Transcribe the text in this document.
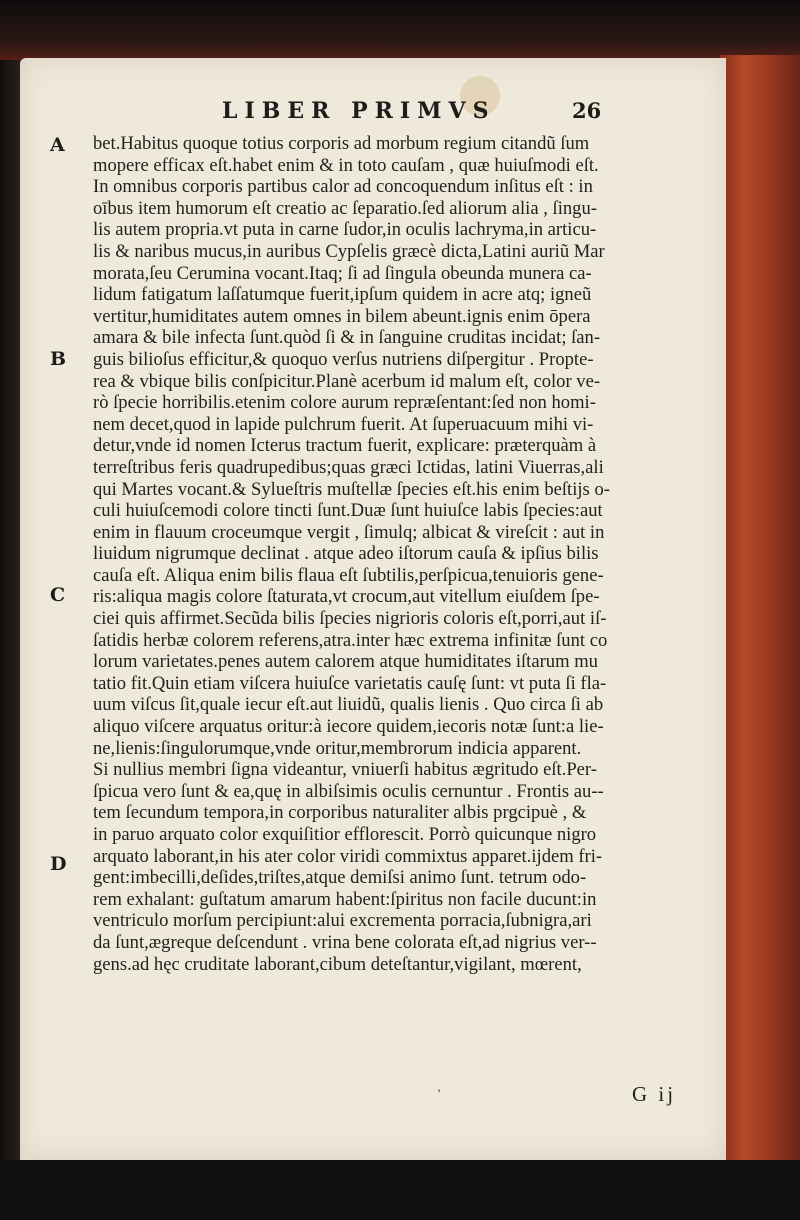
LIBER PRIMVS	26
A
B
C
D
bet.Habitus quoque totius corporis ad morbum regium citandũ ſum
mopere efficax eſt.habet enim & in toto cauſam , quæ huiuſmodi eſt.
In omnibus corporis partibus calor ad concoquendum inſitus eſt : in
oībus item humorum eſt creatio ac ſeparatio.ſed aliorum alia , ſingu-
lis autem propria.vt puta in carne ſudor,in oculis lachryma,in articu-
lis & naribus mucus,in auribus Cypſelis græcè dicta,Latini auriũ Mar
morata,ſeu Cerumina vocant.Itaq; ſi ad ſingula obeunda munera ca-
lidum fatigatum laſſatumque fuerit,ipſum quidem in acre atq; igneũ
vertitur,humiditates autem omnes in bilem abeunt.ignis enim ōpera
amara & bile infecta ſunt.quòd ſi & in ſanguine cruditas incidat; ſan-
guis bilioſus efficitur,& quoquo verſus nutriens diſpergitur . Propte-
rea & vbique bilis conſpicitur.Planè acerbum id malum eſt, color ve-
rò ſpecie horribilis.etenim colore aurum repræſentant:ſed non homi-
nem decet,quod in lapide pulchrum fuerit. At ſuperuacuum mihi vi-
detur,vnde id nomen Icterus tractum fuerit, explicare: præterquàm à
terreſtribus feris quadrupedibus;quas græci Ictidas, latini Viuerras,ali
qui Martes vocant.& Sylueſtris muſtellæ ſpecies eſt.his enim beſtijs o-
culi huiuſcemodi colore tincti ſunt.Duæ ſunt huiuſce labis ſpecies:aut
enim in flauum croceumque vergit , ſimulq; albicat & vireſcit : aut in
liuidum nigrumque declinat . atque adeo iſtorum cauſa & ipſius bilis
cauſa eſt. Aliqua enim bilis flaua eſt ſubtilis,perſpicua,tenuioris gene-
ris:aliqua magis colore ſtaturata,vt crocum,aut vitellum eiuſdem ſpe-
ciei quis affirmet.Secũda bilis ſpecies nigrioris coloris eſt,porri,aut iſ-
ſatidis herbæ colorem referens,atra.inter hæc extrema infinitæ ſunt co
lorum varietates.penes autem calorem atque humiditates iſtarum mu
tatio fit.Quin etiam viſcera huiuſce varietatis cauſę ſunt: vt puta ſi fla-
uum viſcus ſit,quale iecur eſt.aut liuidũ, qualis lienis . Quo circa ſi ab
aliquo viſcere arquatus oritur:à iecore quidem,iecoris notæ ſunt:a lie-
ne,lienis:ſingulorumque,vnde oritur,membrorum indicia apparent.
Si nullius membri ſigna videantur, vniuerſi habitus ægritudo eſt.Per-
ſpicua vero ſunt & ea,quę in albiſsimis oculis cernuntur . Frontis au--
tem ſecundum tempora,in corporibus naturaliter albis prgcipuè , &
in paruo arquato color exquiſitior efflorescit. Porrò quicunque nigro
arquato laborant,in his ater color viridi commixtus apparet.ijdem fri-
gent:imbecilli,deſides,triſtes,atque demiſsi animo ſunt. tetrum odo-
rem exhalant: guſtatum amarum habent:ſpiritus non facile ducunt:in
ventriculo morſum percipiunt:alui excrementa porracia,ſubnigra,ari
da ſunt,ægreque deſcendunt . vrina bene colorata eſt,ad nigrius ver--
gens.ad hęc cruditate laborant,cibum deteſtantur,vigilant, mœrent,
’	G ij
